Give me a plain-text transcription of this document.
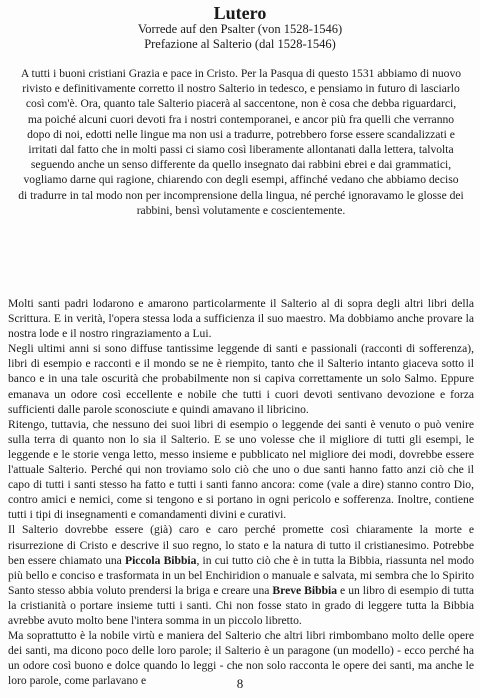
Lutero
Vorrede auf den Psalter (von 1528-1546)
Prefazione al Salterio (dal 1528-1546)
A tutti i buoni cristiani Grazia e pace in Cristo. Per la Pasqua di questo 1531 abbiamo di nuovo rivisto e definitivamente corretto il nostro Salterio in tedesco, e pensiamo in futuro di lasciarlo così com'è. Ora, quanto tale Salterio piacerà al saccentone, non è cosa che debba riguardarci, ma poiché alcuni cuori devoti fra i nostri contemporanei, e ancor più fra quelli che verranno dopo di noi, edotti nelle lingue ma non usi a tradurre, potrebbero forse essere scandalizzati e irritati dal fatto che in molti passi ci siamo così liberamente allontanati dalla lettera, talvolta seguendo anche un senso differente da quello insegnato dai rabbini ebrei e dai grammatici, vogliamo darne qui ragione, chiarendo con degli esempi, affinché vedano che abbiamo deciso di tradurre in tal modo non per incomprensione della lingua, né perché ignoravamo le glosse dei rabbini, bensì volutamente e coscientemente.

Molti santi padri lodarono e amarono particolarmente il Salterio al di sopra degli altri libri della Scrittura. E in verità, l'opera stessa loda a sufficienza il suo maestro. Ma dobbiamo anche provare la nostra lode e il nostro ringraziamento a Lui.

Negli ultimi anni si sono diffuse tantissime leggende di santi e passionali (racconti di sofferenza), libri di esempio e racconti e il mondo se ne è riempito, tanto che il Salterio intanto giaceva sotto il banco e in una tale oscurità che probabilmente non si capiva correttamente un solo Salmo. Eppure emanava un odore così eccellente e nobile che tutti i cuori devoti sentivano devozione e forza sufficienti dalle parole sconosciute e quindi amavano il libricino.

Ritengo, tuttavia, che nessuno dei suoi libri di esempio o leggende dei santi è venuto o può venire sulla terra di quanto non lo sia il Salterio. E se uno volesse che il migliore di tutti gli esempi, le leggende e le storie venga letto, messo insieme e pubblicato nel migliore dei modi, dovrebbe essere l'attuale Salterio. Perché qui non troviamo solo ciò che uno o due santi hanno fatto anzi ciò che il capo di tutti i santi stesso ha fatto e tutti i santi fanno ancora: come (vale a dire) stanno contro Dio, contro amici e nemici, come si tengono e si portano in ogni pericolo e sofferenza. Inoltre, contiene tutti i tipi di insegnamenti e comandamenti divini e curativi.

Il Salterio dovrebbe essere (già) caro e caro perché promette così chiaramente la morte e risurrezione di Cristo e descrive il suo regno, lo stato e la natura di tutto il cristianesimo. Potrebbe ben essere chiamato una Piccola Bibbia, in cui tutto ciò che è in tutta la Bibbia, riassunta nel modo più bello e conciso e trasformata in un bel Enchiridion o manuale e salvata, mi sembra che lo Spirito Santo stesso abbia voluto prendersi la briga e creare una Breve Bibbia e un libro di esempio di tutta la cristianità o portare insieme tutti i santi. Chi non fosse stato in grado di leggere tutta la Bibbia avrebbe avuto molto bene l'intera somma in un piccolo libretto.

Ma soprattutto è la nobile virtù e maniera del Salterio che altri libri rimbombano molto delle opere dei santi, ma dicono poco delle loro parole; il Salterio è un paragone (un modello) - ecco perché ha un odore così buono e dolce quando lo leggi - che non solo racconta le opere dei santi, ma anche le loro parole, come parlavano e	8
